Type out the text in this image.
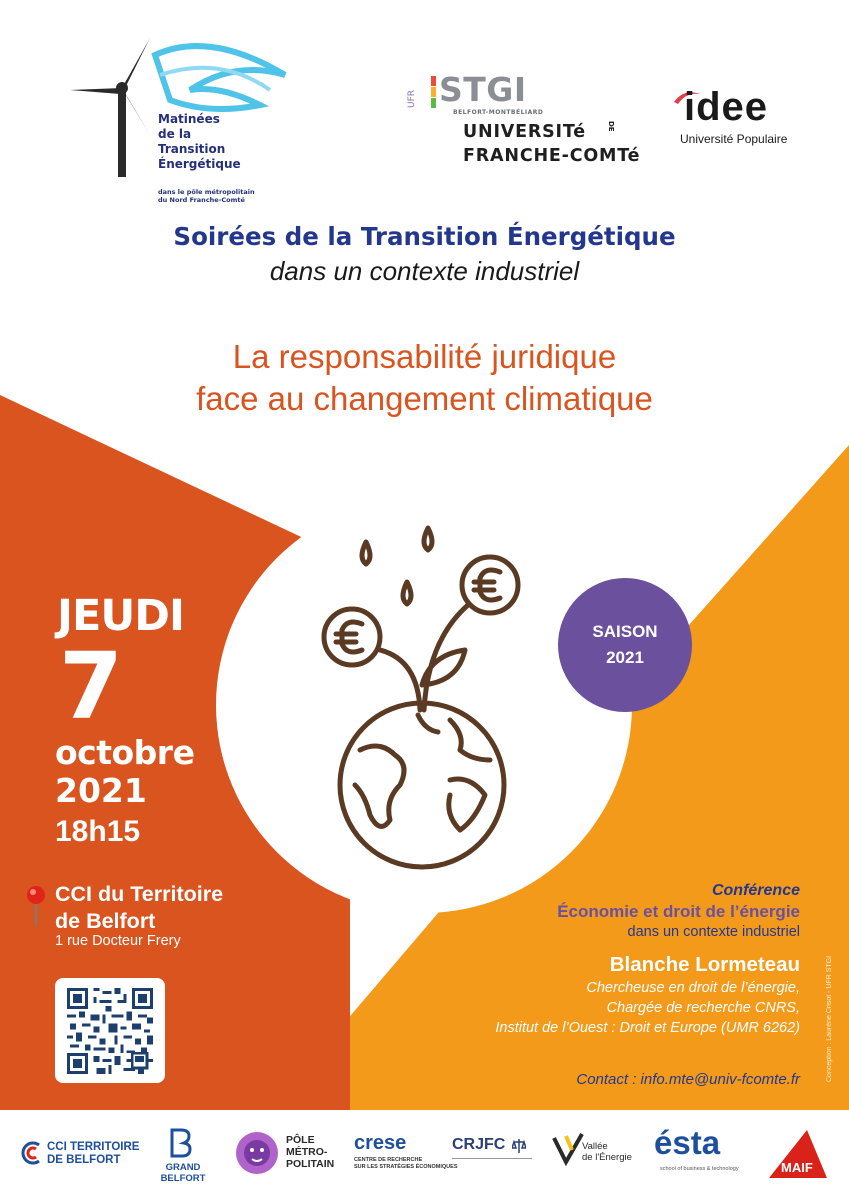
Matinées
de la
Transition
Énergétique
dans le pôle métropolitain
du Nord Franche-Comté
UFR STGI
BELFORT-MONTBÉLIARD
UNIVERSITé
FRANCHE-COMTé
DE idee
Université Populaire
Soirées de la Transition Énergétique
dans un contexte industriel
La responsabilité juridique
face au changement climatique
SAISON
2021
JEUDI
7
octobre
2021
18h15
CCI du Territoire
de Belfort
1 rue Docteur Frery
Conférence
Économie et droit de l’énergie
dans un contexte industriel
Blanche Lormeteau
Chercheuse en droit de l’énergie,
Chargée de recherche CNRS,
Institut de l’Ouest : Droit et Europe (UMR 6262)
Contact : info.mte@univ-fcomte.fr	Conception : Laurène Crisot - UFR STGI
CCI TERRITOIRE
DE BELFORT
GRAND
BELFORT
PÔLE
MÉTRO-
POLITAIN
crese
CENTRE DE RECHERCHE
SUR LES STRATÉGIES ÉCONOMIQUES
CRJFC	Vallée
de l'Énergie ésta
school of business & technology	MAIF
